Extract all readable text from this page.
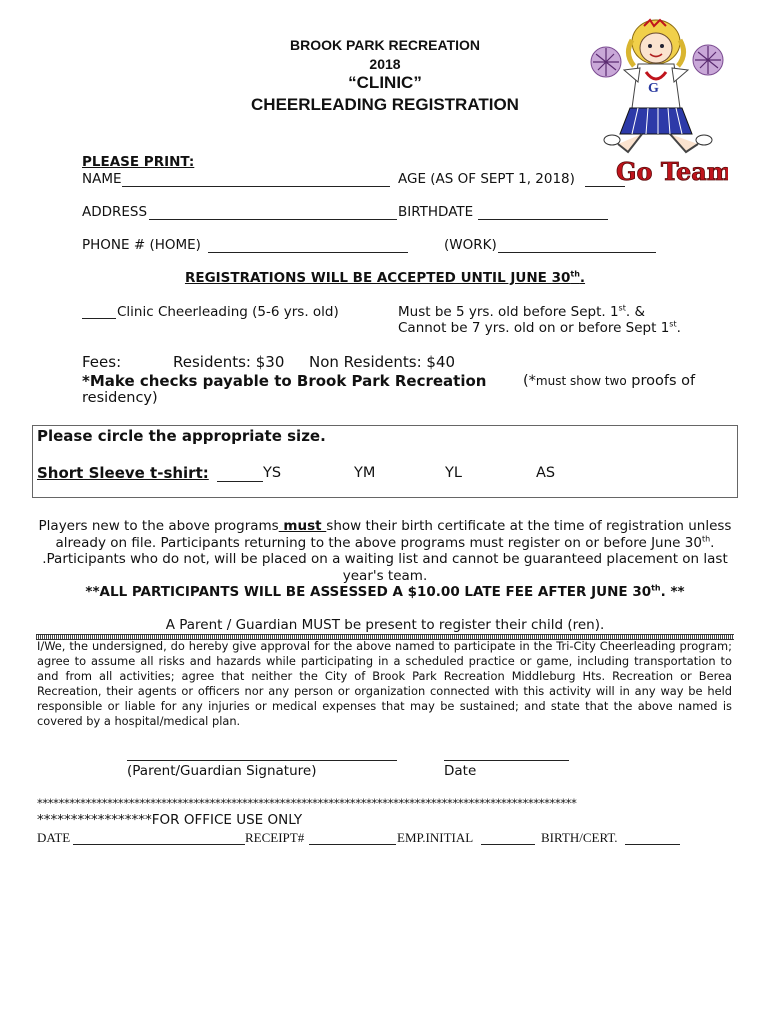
BROOK PARK RECREATION
2018
“CLINIC”
CHEERLEADING REGISTRATION
G
Go Team
PLEASE PRINT:
NAME	AGE (AS OF SEPT 1, 2018)
ADDRESS	BIRTHDATE
PHONE # (HOME)	(WORK)
REGISTRATIONS WILL BE ACCEPTED UNTIL JUNE 30th.
Clinic Cheerleading (5-6 yrs. old)	Must be 5 yrs. old before Sept. 1st. &
Cannot be 7 yrs. old on or before Sept 1st.
Fees:	Residents: $30 Non Residents: $40
*Make checks payable to Brook Park Recreation	(*must show two proofs of
residency)
Please circle the appropriate size.
Short Sleeve t-shirt:	YS	YM	YL	AS
Players new to the above programs must show their birth certificate at the time of registration unless already on file. Participants returning to the above programs must register on or before June 30th. .Participants who do not, will be placed on a waiting list and cannot be guaranteed placement on last year's team.
**ALL PARTICIPANTS WILL BE ASSESSED A $10.00 LATE FEE AFTER JUNE 30th. **
A Parent / Guardian MUST be present to register their child (ren).
I/We, the undersigned, do hereby give approval for the above named to participate in the Tri-City Cheerleading program; agree to assume all risks and hazards while participating in a scheduled practice or game, including transportation to and from all activities; agree that neither the City of Brook Park Recreation Middleburg Hts. Recreation or Berea Recreation, their agents or officers nor any person or organization connected with this activity will in any way be held responsible or liable for any injuries or medical expenses that may be sustained; and state that the above named is covered by a hospital/medical plan.
(Parent/Guardian Signature)	Date
****************************************************************************************************
*****************FOR OFFICE USE ONLY
DATE	RECEIPT#	EMP.INITIAL	BIRTH/CERT.
